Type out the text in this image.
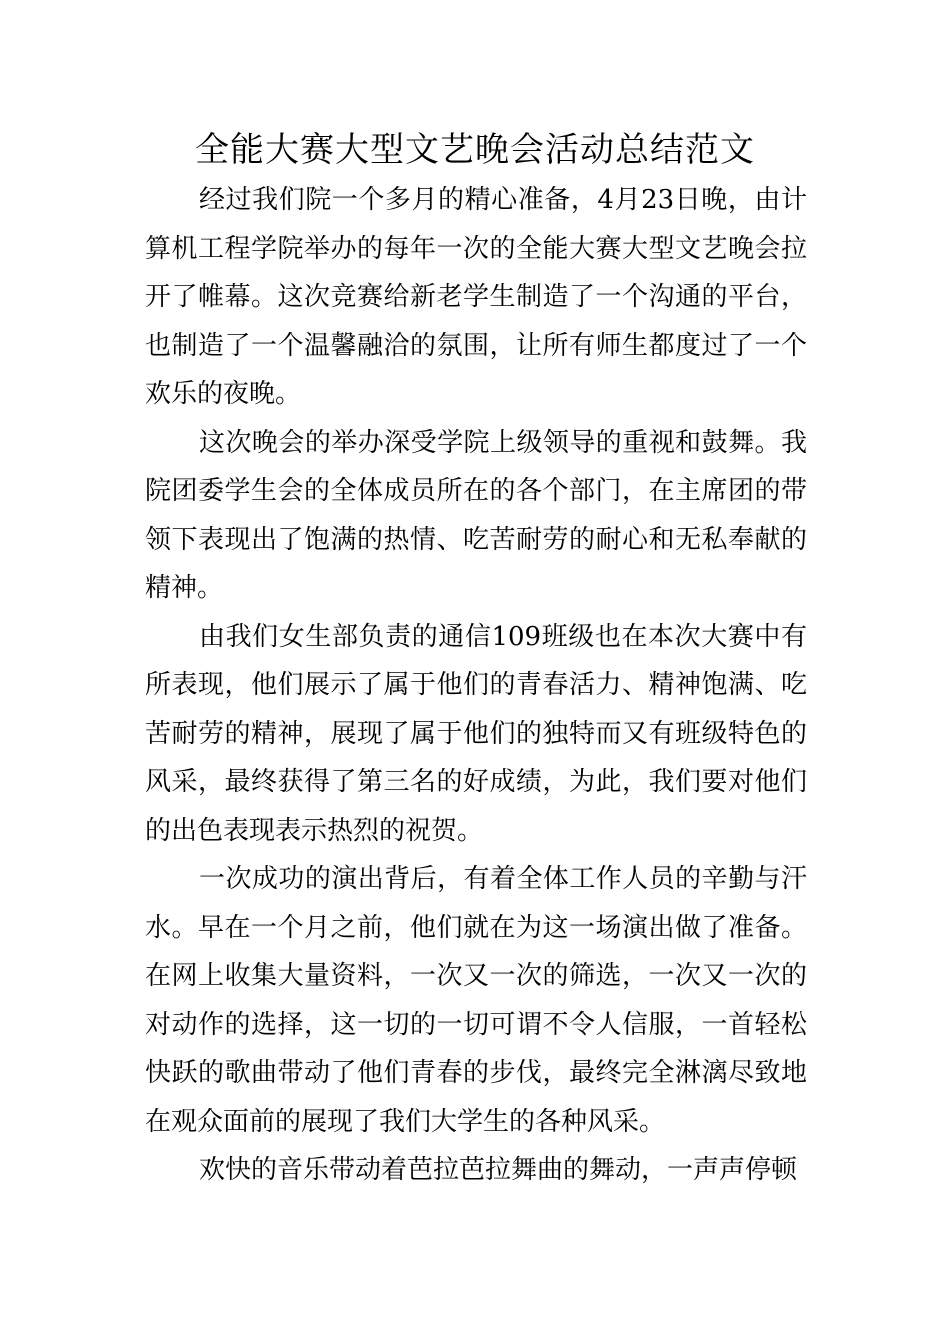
全能大赛大型文艺晚会活动总结范文

经过我们院一个多月的精心准备，4月23日晚，由计算机工程学院举办的每年一次的全能大赛大型文艺晚会拉开了帷幕。这次竞赛给新老学生制造了一个沟通的平台，也制造了一个温馨融洽的氛围，让所有师生都度过了一个欢乐的夜晚。

这次晚会的举办深受学院上级领导的重视和鼓舞。我院团委学生会的全体成员所在的各个部门，在主席团的带领下表现出了饱满的热情、吃苦耐劳的耐心和无私奉献的精神。

由我们女生部负责的通信109班级也在本次大赛中有所表现，他们展示了属于他们的青春活力、精神饱满、吃苦耐劳的精神，展现了属于他们的独特而又有班级特色的风采，最终获得了第三名的好成绩，为此，我们要对他们的出色表现表示热烈的祝贺。

一次成功的演出背后，有着全体工作人员的辛勤与汗水。早在一个月之前，他们就在为这一场演出做了准备。在网上收集大量资料，一次又一次的筛选，一次又一次的对动作的选择，这一切的一切可谓不令人信服，一首轻松快跃的歌曲带动了他们青春的步伐，最终完全淋漓尽致地在观众面前的展现了我们大学生的各种风采。

欢快的音乐带动着芭拉芭拉舞曲的舞动，一声声停顿
